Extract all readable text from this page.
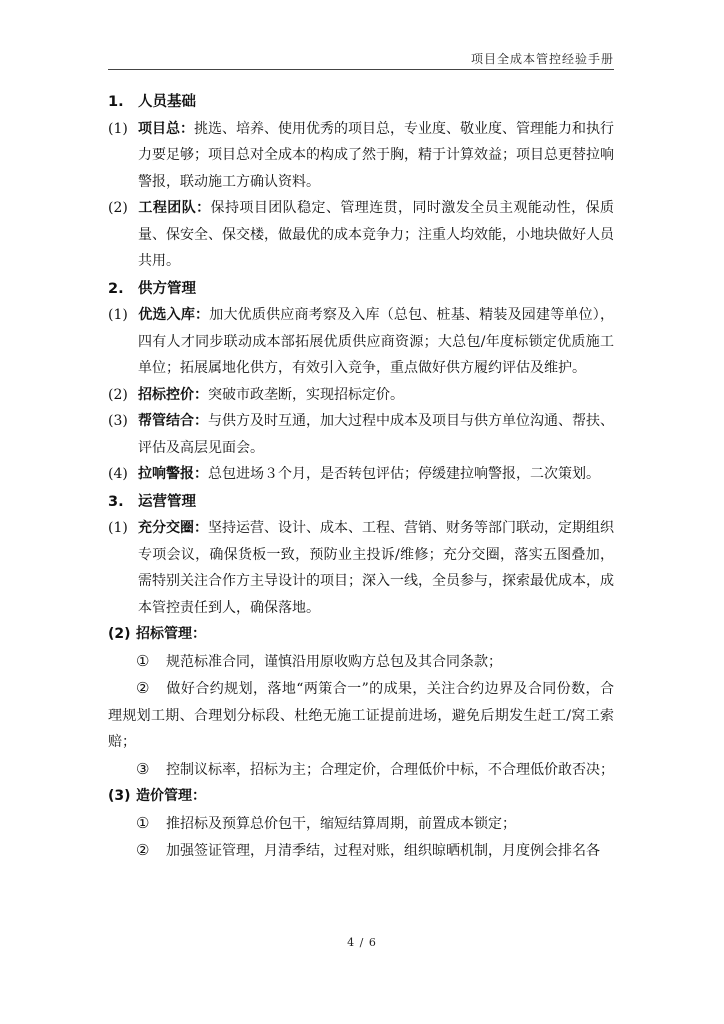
项目全成本管控经验手册
1. 人员基础
(1) 项目总：挑选、培养、使用优秀的项目总，专业度、敬业度、管理能力和执行力要足够；项目总对全成本的构成了然于胸，精于计算效益；项目总更替拉响警报，联动施工方确认资料。
(2) 工程团队：保持项目团队稳定、管理连贯，同时激发全员主观能动性，保质量、保安全、保交楼，做最优的成本竞争力；注重人均效能，小地块做好人员共用。
2. 供方管理
(1) 优选入库：加大优质供应商考察及入库（总包、桩基、精装及园建等单位），四有人才同步联动成本部拓展优质供应商资源；大总包/年度标锁定优质施工单位；拓展属地化供方，有效引入竞争，重点做好供方履约评估及维护。
(2) 招标控价：突破市政垄断，实现招标定价。
(3) 帮管结合：与供方及时互通，加大过程中成本及项目与供方单位沟通、帮扶、评估及高层见面会。
(4) 拉响警报：总包进场３个月，是否转包评估；停缓建拉响警报，二次策划。
3. 运营管理
(1) 充分交圈：坚持运营、设计、成本、工程、营销、财务等部门联动，定期组织专项会议，确保货板一致，预防业主投诉/维修；充分交圈，落实五图叠加，需特别关注合作方主导设计的项目；深入一线，全员参与，探索最优成本，成本管控责任到人，确保落地。
(2) 招标管理：
① 规范标准合同，谨慎沿用原收购方总包及其合同条款；
② 做好合约规划，落地“两策合一”的成果，关注合约边界及合同份数，合理规划工期、合理划分标段、杜绝无施工证提前进场，避免后期发生赶工/窝工索赔；
③ 控制议标率，招标为主；合理定价，合理低价中标，不合理低价敢否决；
(3) 造价管理：
① 推招标及预算总价包干，缩短结算周期，前置成本锁定；
② 加强签证管理，月清季结，过程对账，组织晾晒机制，月度例会排名各
4 / 6
